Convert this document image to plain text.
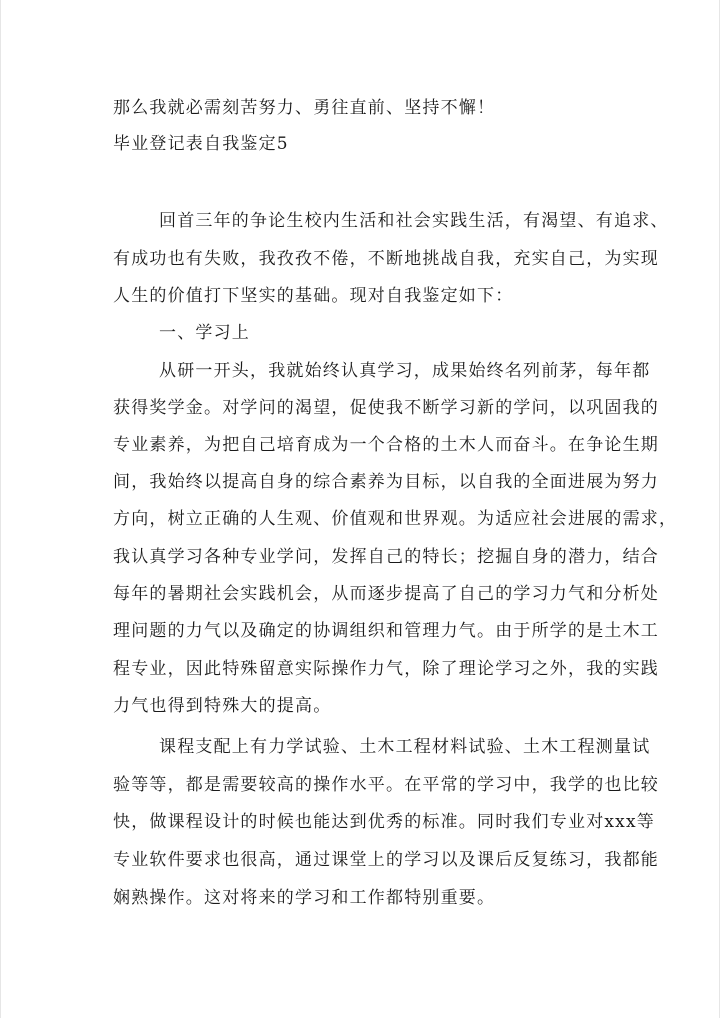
那么我就必需刻苦努力、勇往直前、坚持不懈！

毕业登记表自我鉴定5

回首三年的争论生校内生活和社会实践生活，有渴望、有追求、

有成功也有失败，我孜孜不倦，不断地挑战自我，充实自己，为实现

人生的价值打下坚实的基础。现对自我鉴定如下：

一、学习上

从研一开头，我就始终认真学习，成果始终名列前茅，每年都

获得奖学金。对学问的渴望，促使我不断学习新的学问，以巩固我的

专业素养，为把自己培育成为一个合格的土木人而奋斗。在争论生期

间，我始终以提高自身的综合素养为目标，以自我的全面进展为努力

方向，树立正确的人生观、价值观和世界观。为适应社会进展的需求，

我认真学习各种专业学问，发挥自己的特长；挖掘自身的潜力，结合

每年的暑期社会实践机会，从而逐步提高了自己的学习力气和分析处

理问题的力气以及确定的协调组织和管理力气。由于所学的是土木工

程专业，因此特殊留意实际操作力气，除了理论学习之外，我的实践

力气也得到特殊大的提高。

课程支配上有力学试验、土木工程材料试验、土木工程测量试

验等等，都是需要较高的操作水平。在平常的学习中，我学的也比较

快，做课程设计的时候也能达到优秀的标准。同时我们专业对xxx等

专业软件要求也很高，通过课堂上的学习以及课后反复练习，我都能

娴熟操作。这对将来的学习和工作都特别重要。
